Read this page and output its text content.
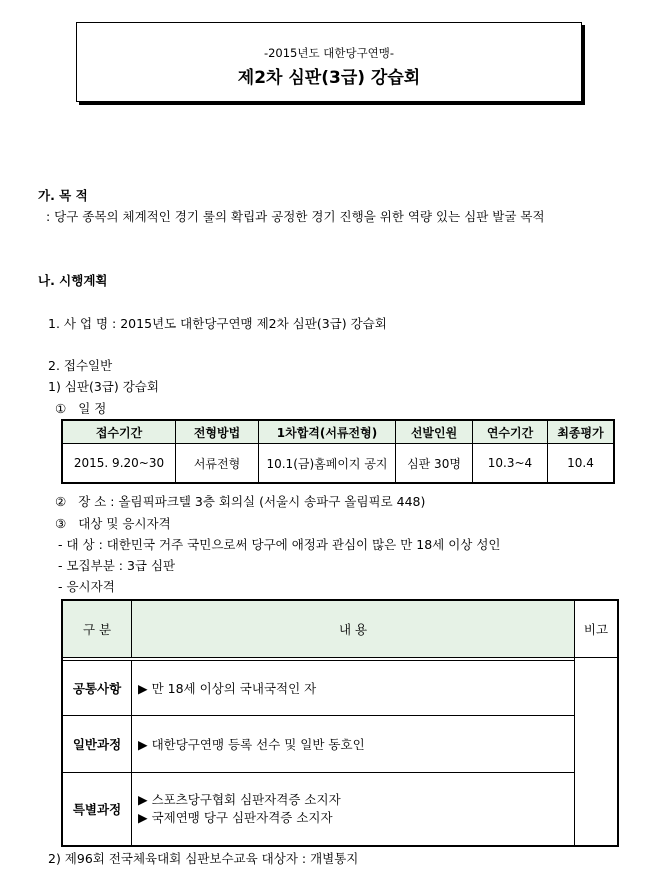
-2015년도 대한당구연맹-
제2차 심판(3급) 강습회
가. 목 적
: 당구 종목의 체계적인 경기 룰의 확립과 공정한 경기 진행을 위한 역량 있는 심판 발굴 목적
나. 시행계획
1. 사 업 명 : 2015년도 대한당구연맹 제2차 심판(3급) 강습회
2. 접수일반
1) 심판(3급) 강습회
① 일 정
접수기간	전형방법	1차합격(서류전형)	선발인원	연수기간	최종평가
2015. 9.20~30	서류전형	10.1(금)홈페이지 공지	심판 30명	10.3~4	10.4
② 장 소 : 올림픽파크텔 3층 회의실 (서울시 송파구 올림픽로 448)
③ 대상 및 응시자격
- 대 상 : 대한민국 거주 국민으로써 당구에 애정과 관심이 많은 만 18세 이상 성인
- 모집부분 : 3급 심판
- 응시자격
구 분	내 용	비고

공통사항	▶ 만 18세 이상의 국내국적인 자	
일반과정	▶ 대한당구연맹 등록 선수 및 일반 동호인	
특별과정	▶ 스포츠당구협회 심판자격증 소지자
▶ 국제연맹 당구 심판자격증 소지자	
2) 제96회 전국체육대회 심판보수교육 대상자 : 개별통지
